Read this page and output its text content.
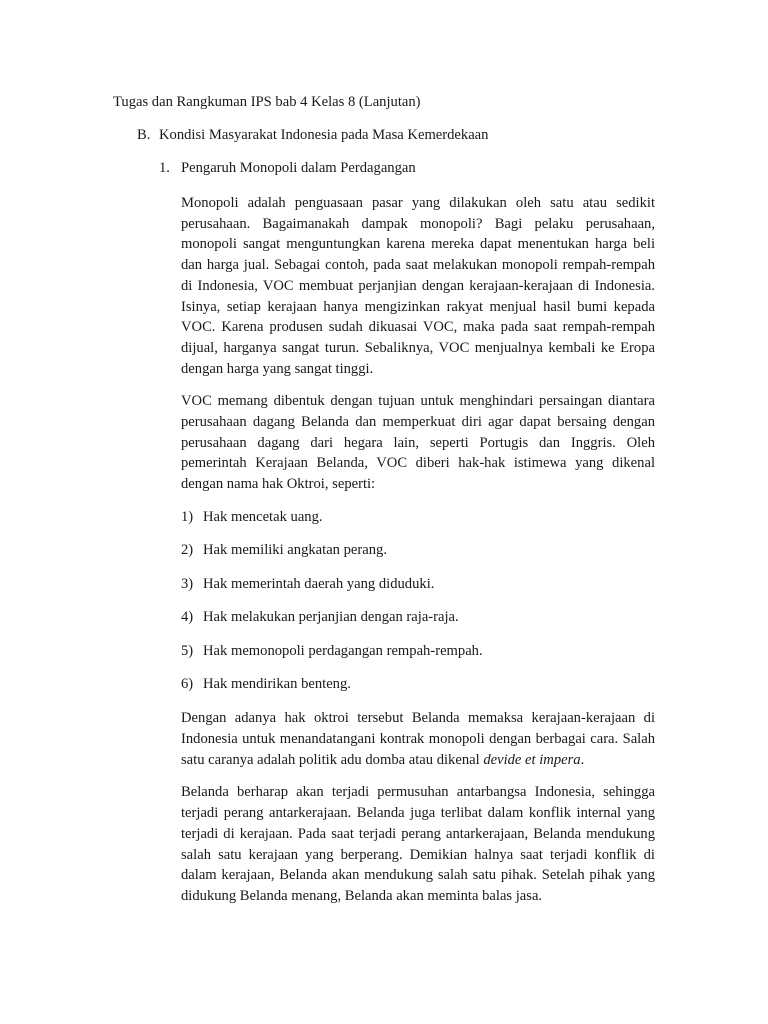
Tugas dan Rangkuman IPS bab 4 Kelas 8 (Lanjutan)
B. Kondisi Masyarakat Indonesia pada Masa Kemerdekaan
1. Pengaruh Monopoli dalam Perdagangan

Monopoli adalah penguasaan pasar yang dilakukan oleh satu atau sedikit perusahaan. Bagaimanakah dampak monopoli? Bagi pelaku perusahaan, monopoli sangat menguntungkan karena mereka dapat menentukan harga beli dan harga jual. Sebagai contoh, pada saat melakukan monopoli rempah-rempah di Indonesia, VOC membuat perjanjian dengan kerajaan-kerajaan di Indonesia. Isinya, setiap kerajaan hanya mengizinkan rakyat menjual hasil bumi kepada VOC. Karena produsen sudah dikuasai VOC, maka pada saat rempah-rempah dijual, harganya sangat turun. Sebaliknya, VOC menjualnya kembali ke Eropa dengan harga yang sangat tinggi.

VOC memang dibentuk dengan tujuan untuk menghindari persaingan diantara perusahaan dagang Belanda dan memperkuat diri agar dapat bersaing dengan perusahaan dagang dari hegara lain, seperti Portugis dan Inggris. Oleh pemerintah Kerajaan Belanda, VOC diberi hak-hak istimewa yang dikenal dengan nama hak Oktroi, seperti:

1) Hak mencetak uang.
2) Hak memiliki angkatan perang.
3) Hak memerintah daerah yang diduduki.
4) Hak melakukan perjanjian dengan raja-raja.
5) Hak memonopoli perdagangan rempah-rempah.
6) Hak mendirikan benteng.

Dengan adanya hak oktroi tersebut Belanda memaksa kerajaan-kerajaan di Indonesia untuk menandatangani kontrak monopoli dengan berbagai cara. Salah satu caranya adalah politik adu domba atau dikenal devide et impera.

Belanda berharap akan terjadi permusuhan antarbangsa Indonesia, sehingga terjadi perang antarkerajaan. Belanda juga terlibat dalam konflik internal yang terjadi di kerajaan. Pada saat terjadi perang antarkerajaan, Belanda mendukung salah satu kerajaan yang berperang. Demikian halnya saat terjadi konflik di dalam kerajaan, Belanda akan mendukung salah satu pihak. Setelah pihak yang didukung Belanda menang, Belanda akan meminta balas jasa.
